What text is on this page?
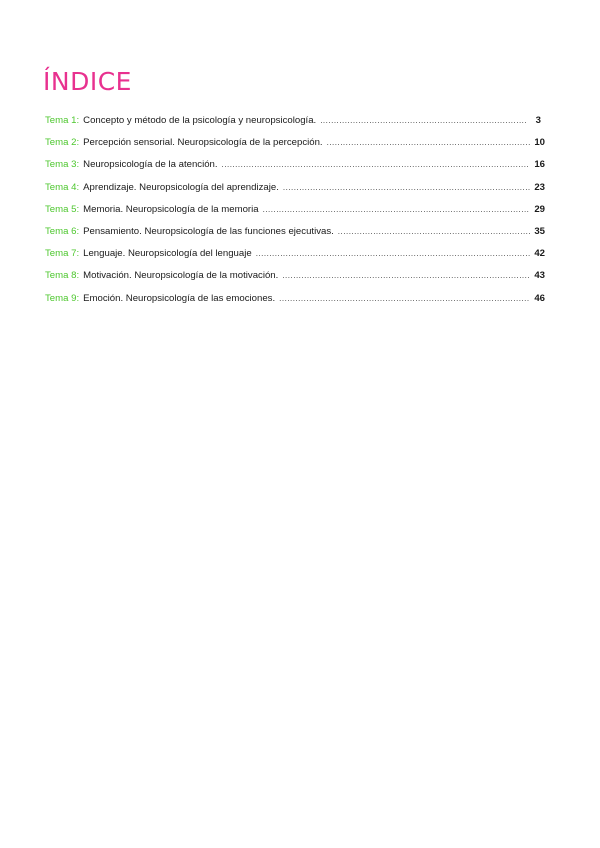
ÍNDICE
Tema 1: Concepto y método de la psicología y neuropsicología. .....	3
Tema 2: Percepción sensorial. Neuropsicología de la percepción. .....	10
Tema 3: Neuropsicología de la atención. .....	16
Tema 4: Aprendizaje. Neuropsicología del aprendizaje. .....	23
Tema 5: Memoria. Neuropsicología de la memoria .....	29
Tema 6: Pensamiento. Neuropsicología de las funciones ejecutivas. .....	35
Tema 7: Lenguaje. Neuropsicología del lenguaje .....	42
Tema 8: Motivación. Neuropsicología de la motivación. .....	43
Tema 9: Emoción. Neuropsicología de las emociones. .....	46
